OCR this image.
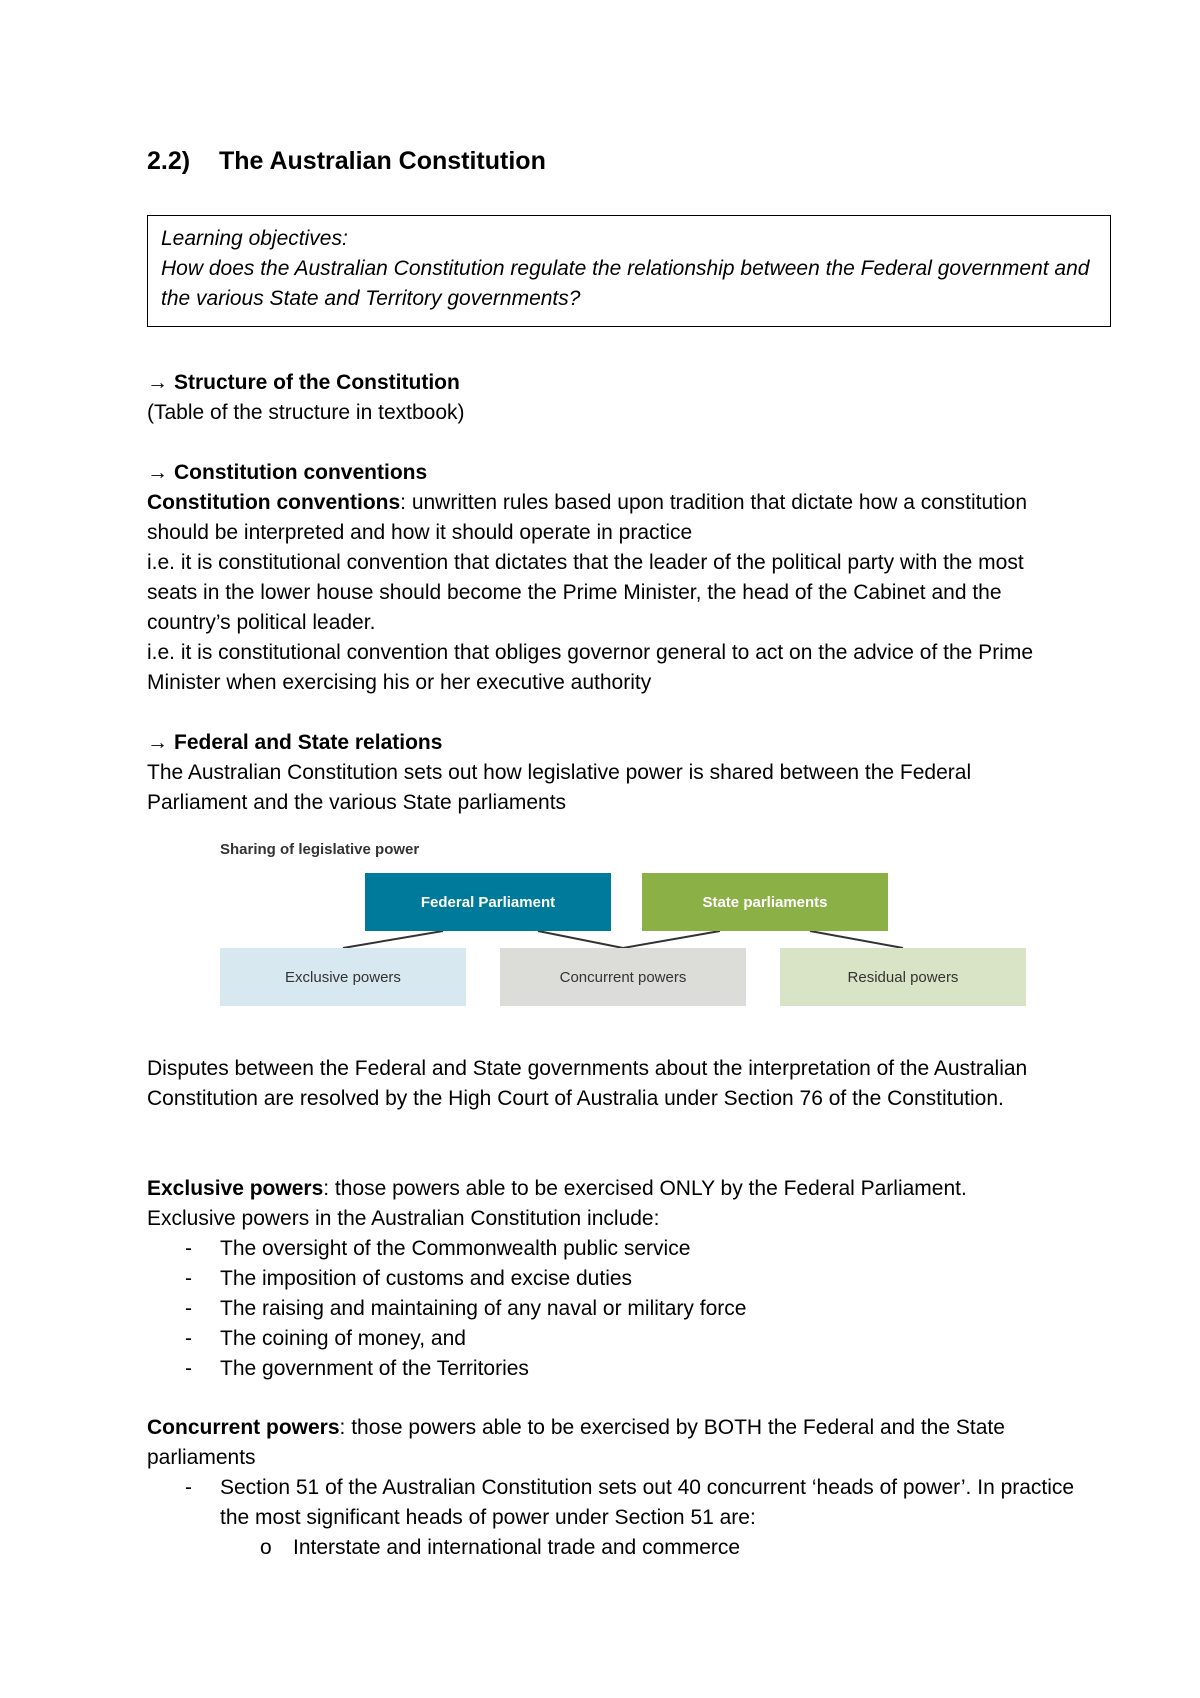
2.2) The Australian Constitution
Learning objectives:
How does the Australian Constitution regulate the relationship between the Federal government and the various State and Territory governments?
→ Structure of the Constitution
(Table of the structure in textbook)
→ Constitution conventions
Constitution conventions: unwritten rules based upon tradition that dictate how a constitution should be interpreted and how it should operate in practice
i.e. it is constitutional convention that dictates that the leader of the political party with the most seats in the lower house should become the Prime Minister, the head of the Cabinet and the country’s political leader.
i.e. it is constitutional convention that obliges governor general to act on the advice of the Prime Minister when exercising his or her executive authority
→ Federal and State relations
The Australian Constitution sets out how legislative power is shared between the Federal Parliament and the various State parliaments
Sharing of legislative power
Federal Parliament	State parliaments
Exclusive powers	Concurrent powers	Residual powers
Disputes between the Federal and State governments about the interpretation of the Australian Constitution are resolved by the High Court of Australia under Section 76 of the Constitution.
Exclusive powers: those powers able to be exercised ONLY by the Federal Parliament.
Exclusive powers in the Australian Constitution include:
- The oversight of the Commonwealth public service
- The imposition of customs and excise duties
- The raising and maintaining of any naval or military force
- The coining of money, and
- The government of the Territories
Concurrent powers: those powers able to be exercised by BOTH the Federal and the State parliaments
- Section 51 of the Australian Constitution sets out 40 concurrent ‘heads of power’. In practice the most significant heads of power under Section 51 are:
o Interstate and international trade and commerce
